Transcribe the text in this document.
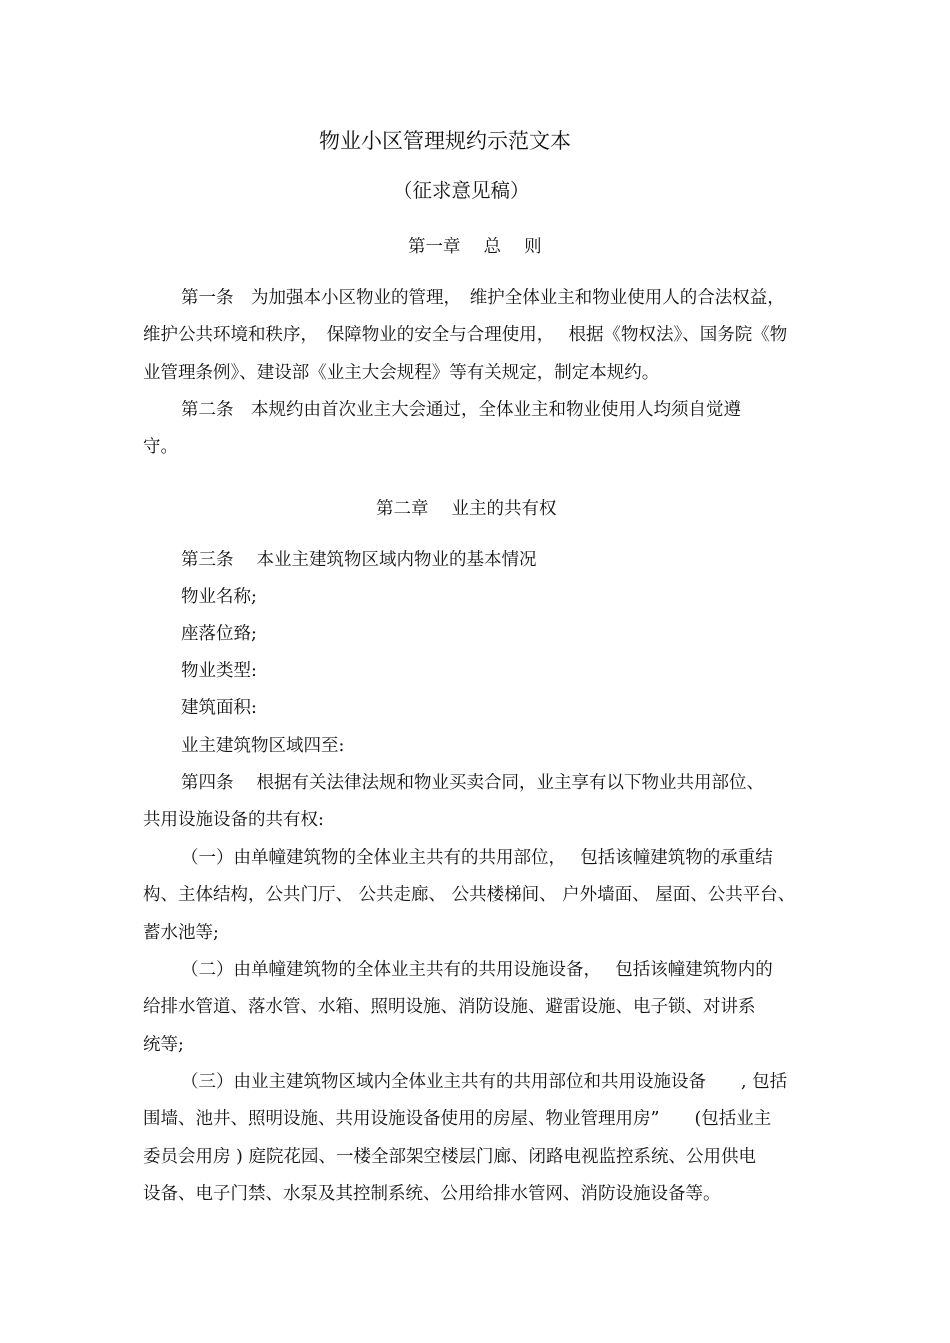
物业小区管理规约示范文本
（征求意见稿）
第一章　 总　 则
第一条　为加强本小区物业的管理，　维护全体业主和物业使用人的合法权益，
维护公共环境和秩序，　保障物业的安全与合理使用，　 根据《物权法》、国务院《物
业管理条例》、建设部《业主大会规程》等有关规定，制定本规约。
第二条　本规约由首次业主大会通过，全体业主和物业使用人均须自觉遵
守。
第二章　 业主的共有权
第三条　 本业主建筑物区域内物业的基本情况
物业名称;
座落位臵;
物业类型:
建筑面积:
业主建筑物区域四至:
第四条　 根据有关法律法规和物业买卖合同，业主享有以下物业共用部位、
共用设施设备的共有权:
（一）由单幢建筑物的全体业主共有的共用部位，　 包括该幢建筑物的承重结
构、主体结构，公共门厅、 公共走廊、 公共楼梯间、 户外墙面、 屋面、公共平台、
蓄水池等;
（二）由单幢建筑物的全体业主共有的共用设施设备，　 包括该幢建筑物内的
给排水管道、落水管、水箱、照明设施、消防设施、避雷设施、电子锁、对讲系
统等;
（三）由业主建筑物区域内全体业主共有的共用部位和共用设施设备　　, 包括
围墙、池井、照明设施、共用设施设备使用的房屋、物业管理用房”　　(包括业主
委员会用房 ) 庭院花园、一楼全部架空楼层门廊、闭路电视监控系统、公用供电
设备、电子门禁、水泵及其控制系统、公用给排水管网、消防设施设备等。
